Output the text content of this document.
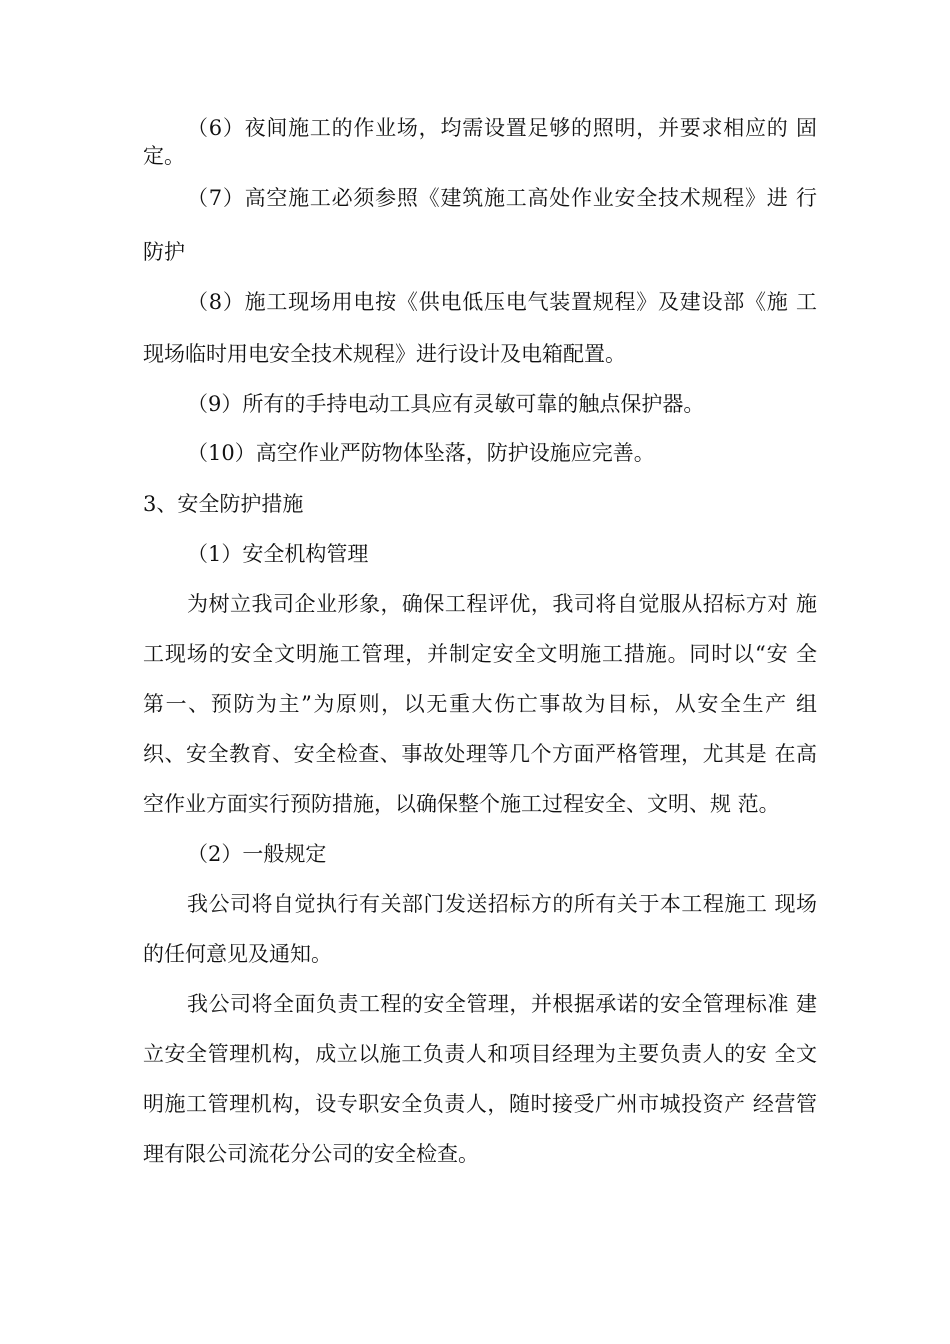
（6）夜间施工的作业场，均需设置足够的照明，并要求相应的 固
定。
（7）高空施工必须参照《建筑施工高处作业安全技术规程》进 行
防护
（8）施工现场用电按《供电低压电气装置规程》及建设部《施 工
现场临时用电安全技术规程》进行设计及电箱配置。
（9）所有的手持电动工具应有灵敏可靠的触点保护器。
（10）高空作业严防物体坠落，防护设施应完善。
3、安全防护措施
（1）安全机构管理
为树立我司企业形象，确保工程评优，我司将自觉服从招标方对 施
工现场的安全文明施工管理，并制定安全文明施工措施。同时以“安 全
第一、预防为主”为原则，以无重大伤亡事故为目标，从安全生产 组
织、安全教育、安全检查、事故处理等几个方面严格管理，尤其是 在高
空作业方面实行预防措施，以确保整个施工过程安全、文明、规 范。
（2）一般规定
我公司将自觉执行有关部门发送招标方的所有关于本工程施工 现场
的任何意见及通知。
我公司将全面负责工程的安全管理，并根据承诺的安全管理标准 建
立安全管理机构，成立以施工负责人和项目经理为主要负责人的安 全文
明施工管理机构，设专职安全负责人，随时接受广州市城投资产 经营管
理有限公司流花分公司的安全检查。
